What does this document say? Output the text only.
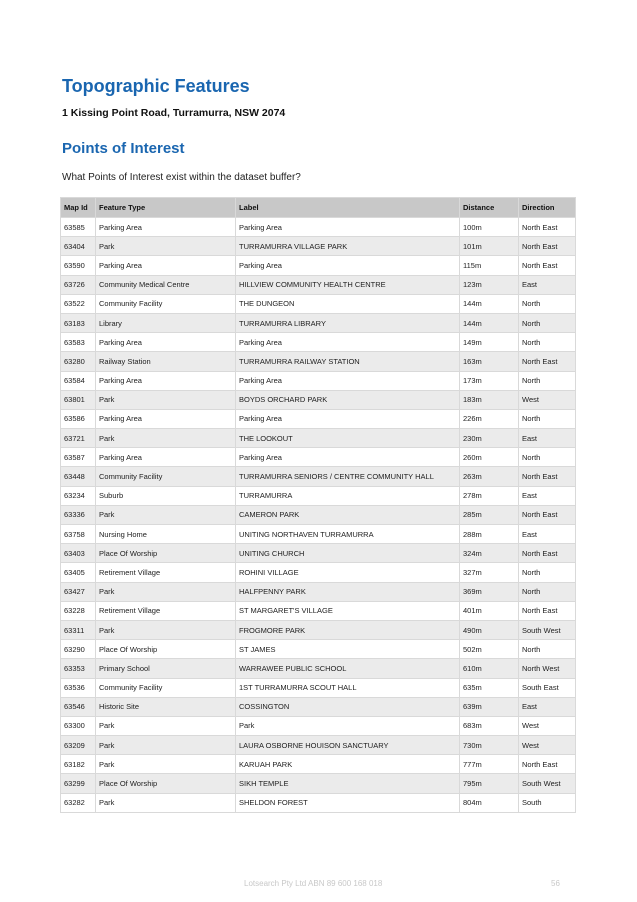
Topographic Features

1 Kissing Point Road, Turramurra, NSW 2074

Points of Interest

What Points of Interest exist within the dataset buffer?

Map Id	Feature Type	Label	Distance	Direction
63585	Parking Area	Parking Area	100m	North East
63404	Park	TURRAMURRA VILLAGE PARK	101m	North East
63590	Parking Area	Parking Area	115m	North East
63726	Community Medical Centre	HILLVIEW COMMUNITY HEALTH CENTRE	123m	East
63522	Community Facility	THE DUNGEON	144m	North
63183	Library	TURRAMURRA LIBRARY	144m	North
63583	Parking Area	Parking Area	149m	North
63280	Railway Station	TURRAMURRA RAILWAY STATION	163m	North East
63584	Parking Area	Parking Area	173m	North
63801	Park	BOYDS ORCHARD PARK	183m	West
63586	Parking Area	Parking Area	226m	North
63721	Park	THE LOOKOUT	230m	East
63587	Parking Area	Parking Area	260m	North
63448	Community Facility	TURRAMURRA SENIORS / CENTRE COMMUNITY HALL	263m	North East
63234	Suburb	TURRAMURRA	278m	East
63336	Park	CAMERON PARK	285m	North East
63758	Nursing Home	UNITING NORTHAVEN TURRAMURRA	288m	East
63403	Place Of Worship	UNITING CHURCH	324m	North East
63405	Retirement Village	ROHINI VILLAGE	327m	North
63427	Park	HALFPENNY PARK	369m	North
63228	Retirement Village	ST MARGARET'S VILLAGE	401m	North East
63311	Park	FROGMORE PARK	490m	South West
63290	Place Of Worship	ST JAMES	502m	North
63353	Primary School	WARRAWEE PUBLIC SCHOOL	610m	North West
63536	Community Facility	1ST TURRAMURRA SCOUT HALL	635m	South East
63546	Historic Site	COSSINGTON	639m	East
63300	Park	Park	683m	West
63209	Park	LAURA OSBORNE HOUISON SANCTUARY	730m	West
63182	Park	KARUAH PARK	777m	North East
63299	Place Of Worship	SIKH TEMPLE	795m	South West
63282	Park	SHELDON FOREST	804m	South
Lotsearch Pty Ltd ABN 89 600 168 018	56
